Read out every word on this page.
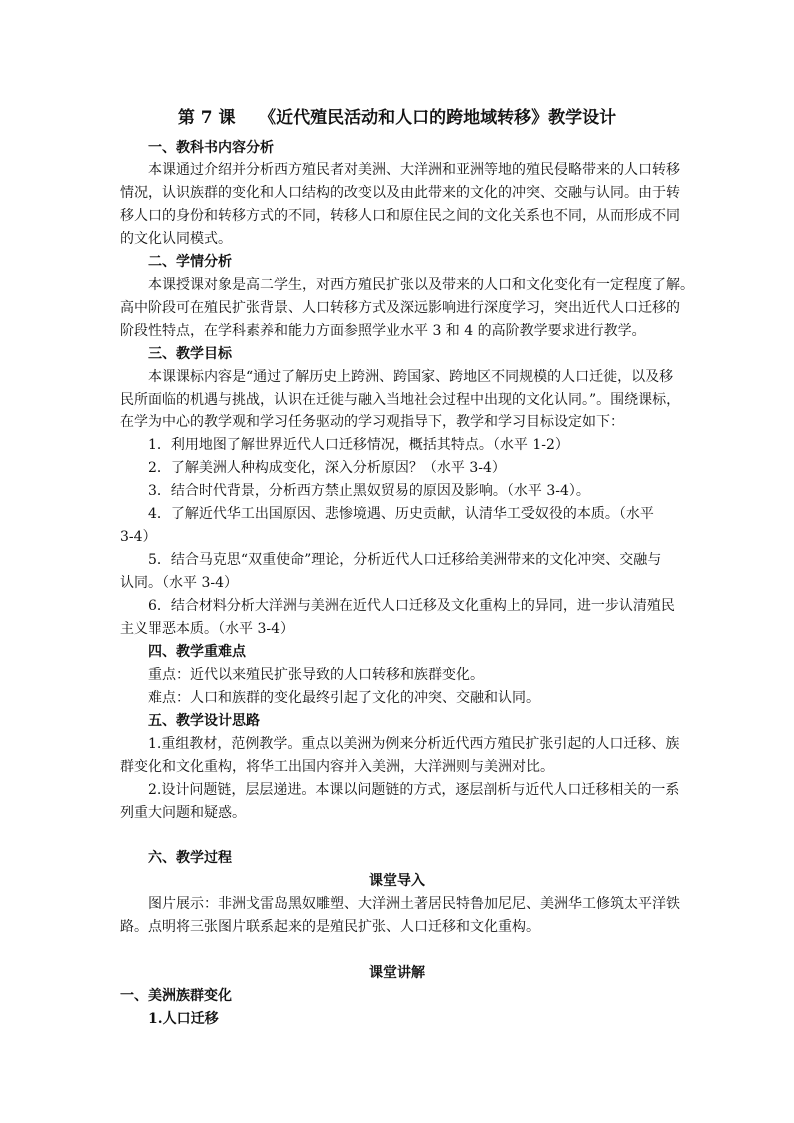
第 7 课    《近代殖民活动和人口的跨地域转移》教学设计
一、教科书内容分析
本课通过介绍并分析西方殖民者对美洲、大洋洲和亚洲等地的殖民侵略带来的人口转移
情况，认识族群的变化和人口结构的改变以及由此带来的文化的冲突、交融与认同。由于转
移人口的身份和转移方式的不同，转移人口和原住民之间的文化关系也不同，从而形成不同
的文化认同模式。
二、学情分析
本课授课对象是高二学生，对西方殖民扩张以及带来的人口和文化变化有一定程度了解。
高中阶段可在殖民扩张背景、人口转移方式及深远影响进行深度学习，突出近代人口迁移的
阶段性特点，在学科素养和能力方面参照学业水平 3 和 4 的高阶教学要求进行教学。
三、教学目标
本课课标内容是“通过了解历史上跨洲、跨国家、跨地区不同规模的人口迁徙，以及移
民所面临的机遇与挑战，认识在迁徙与融入当地社会过程中出现的文化认同。”。围绕课标，
在学为中心的教学观和学习任务驱动的学习观指导下，教学和学习目标设定如下：
1．利用地图了解世界近代人口迁移情况，概括其特点。（水平 1-2）
2．了解美洲人种构成变化，深入分析原因？（水平 3-4）
3．结合时代背景，分析西方禁止黑奴贸易的原因及影响。（水平 3-4）。
4．了解近代华工出国原因、悲惨境遇、历史贡献，认清华工受奴役的本质。（水平
3-4）
5．结合马克思“双重使命”理论，分析近代人口迁移给美洲带来的文化冲突、交融与
认同。（水平 3-4）
6．结合材料分析大洋洲与美洲在近代人口迁移及文化重构上的异同，进一步认清殖民
主义罪恶本质。（水平 3-4）
四、教学重难点
重点：近代以来殖民扩张导致的人口转移和族群变化。
难点：人口和族群的变化最终引起了文化的冲突、交融和认同。
五、教学设计思路
1.重组教材，范例教学。重点以美洲为例来分析近代西方殖民扩张引起的人口迁移、族
群变化和文化重构，将华工出国内容并入美洲，大洋洲则与美洲对比。
2.设计问题链，层层递进。本课以问题链的方式，逐层剖析与近代人口迁移相关的一系
列重大问题和疑惑。
六、教学过程
课堂导入
图片展示：非洲戈雷岛黑奴雕塑、大洋洲土著居民特鲁加尼尼、美洲华工修筑太平洋铁
路。点明将三张图片联系起来的是殖民扩张、人口迁移和文化重构。
课堂讲解
一、美洲族群变化
1.人口迁移
